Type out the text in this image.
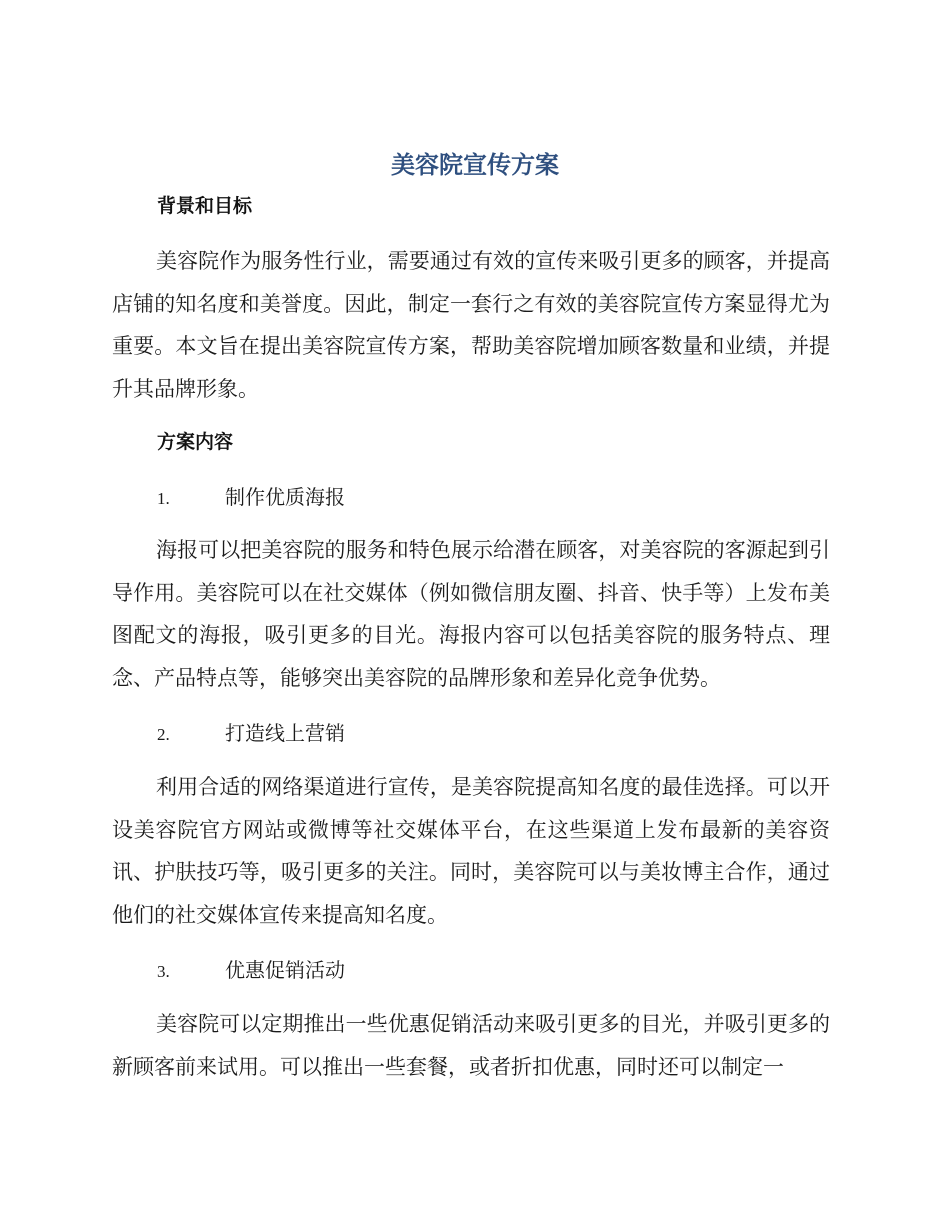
美容院宣传方案
背景和目标

美容院作为服务性行业，需要通过有效的宣传来吸引更多的顾客，并提高店铺的知名度和美誉度。因此，制定一套行之有效的美容院宣传方案显得尤为重要。本文旨在提出美容院宣传方案，帮助美容院增加顾客数量和业绩，并提升其品牌形象。

方案内容
1.	制作优质海报

海报可以把美容院的服务和特色展示给潜在顾客，对美容院的客源起到引导作用。美容院可以在社交媒体（例如微信朋友圈、抖音、快手等）上发布美图配文的海报，吸引更多的目光。海报内容可以包括美容院的服务特点、理念、产品特点等，能够突出美容院的品牌形象和差异化竞争优势。

2.	打造线上营销

利用合适的网络渠道进行宣传，是美容院提高知名度的最佳选择。可以开设美容院官方网站或微博等社交媒体平台，在这些渠道上发布最新的美容资讯、护肤技巧等，吸引更多的关注。同时，美容院可以与美妆博主合作，通过他们的社交媒体宣传来提高知名度。

3.	优惠促销活动

美容院可以定期推出一些优惠促销活动来吸引更多的目光，并吸引更多的新顾客前来试用。可以推出一些套餐，或者折扣优惠，同时还可以制定一
